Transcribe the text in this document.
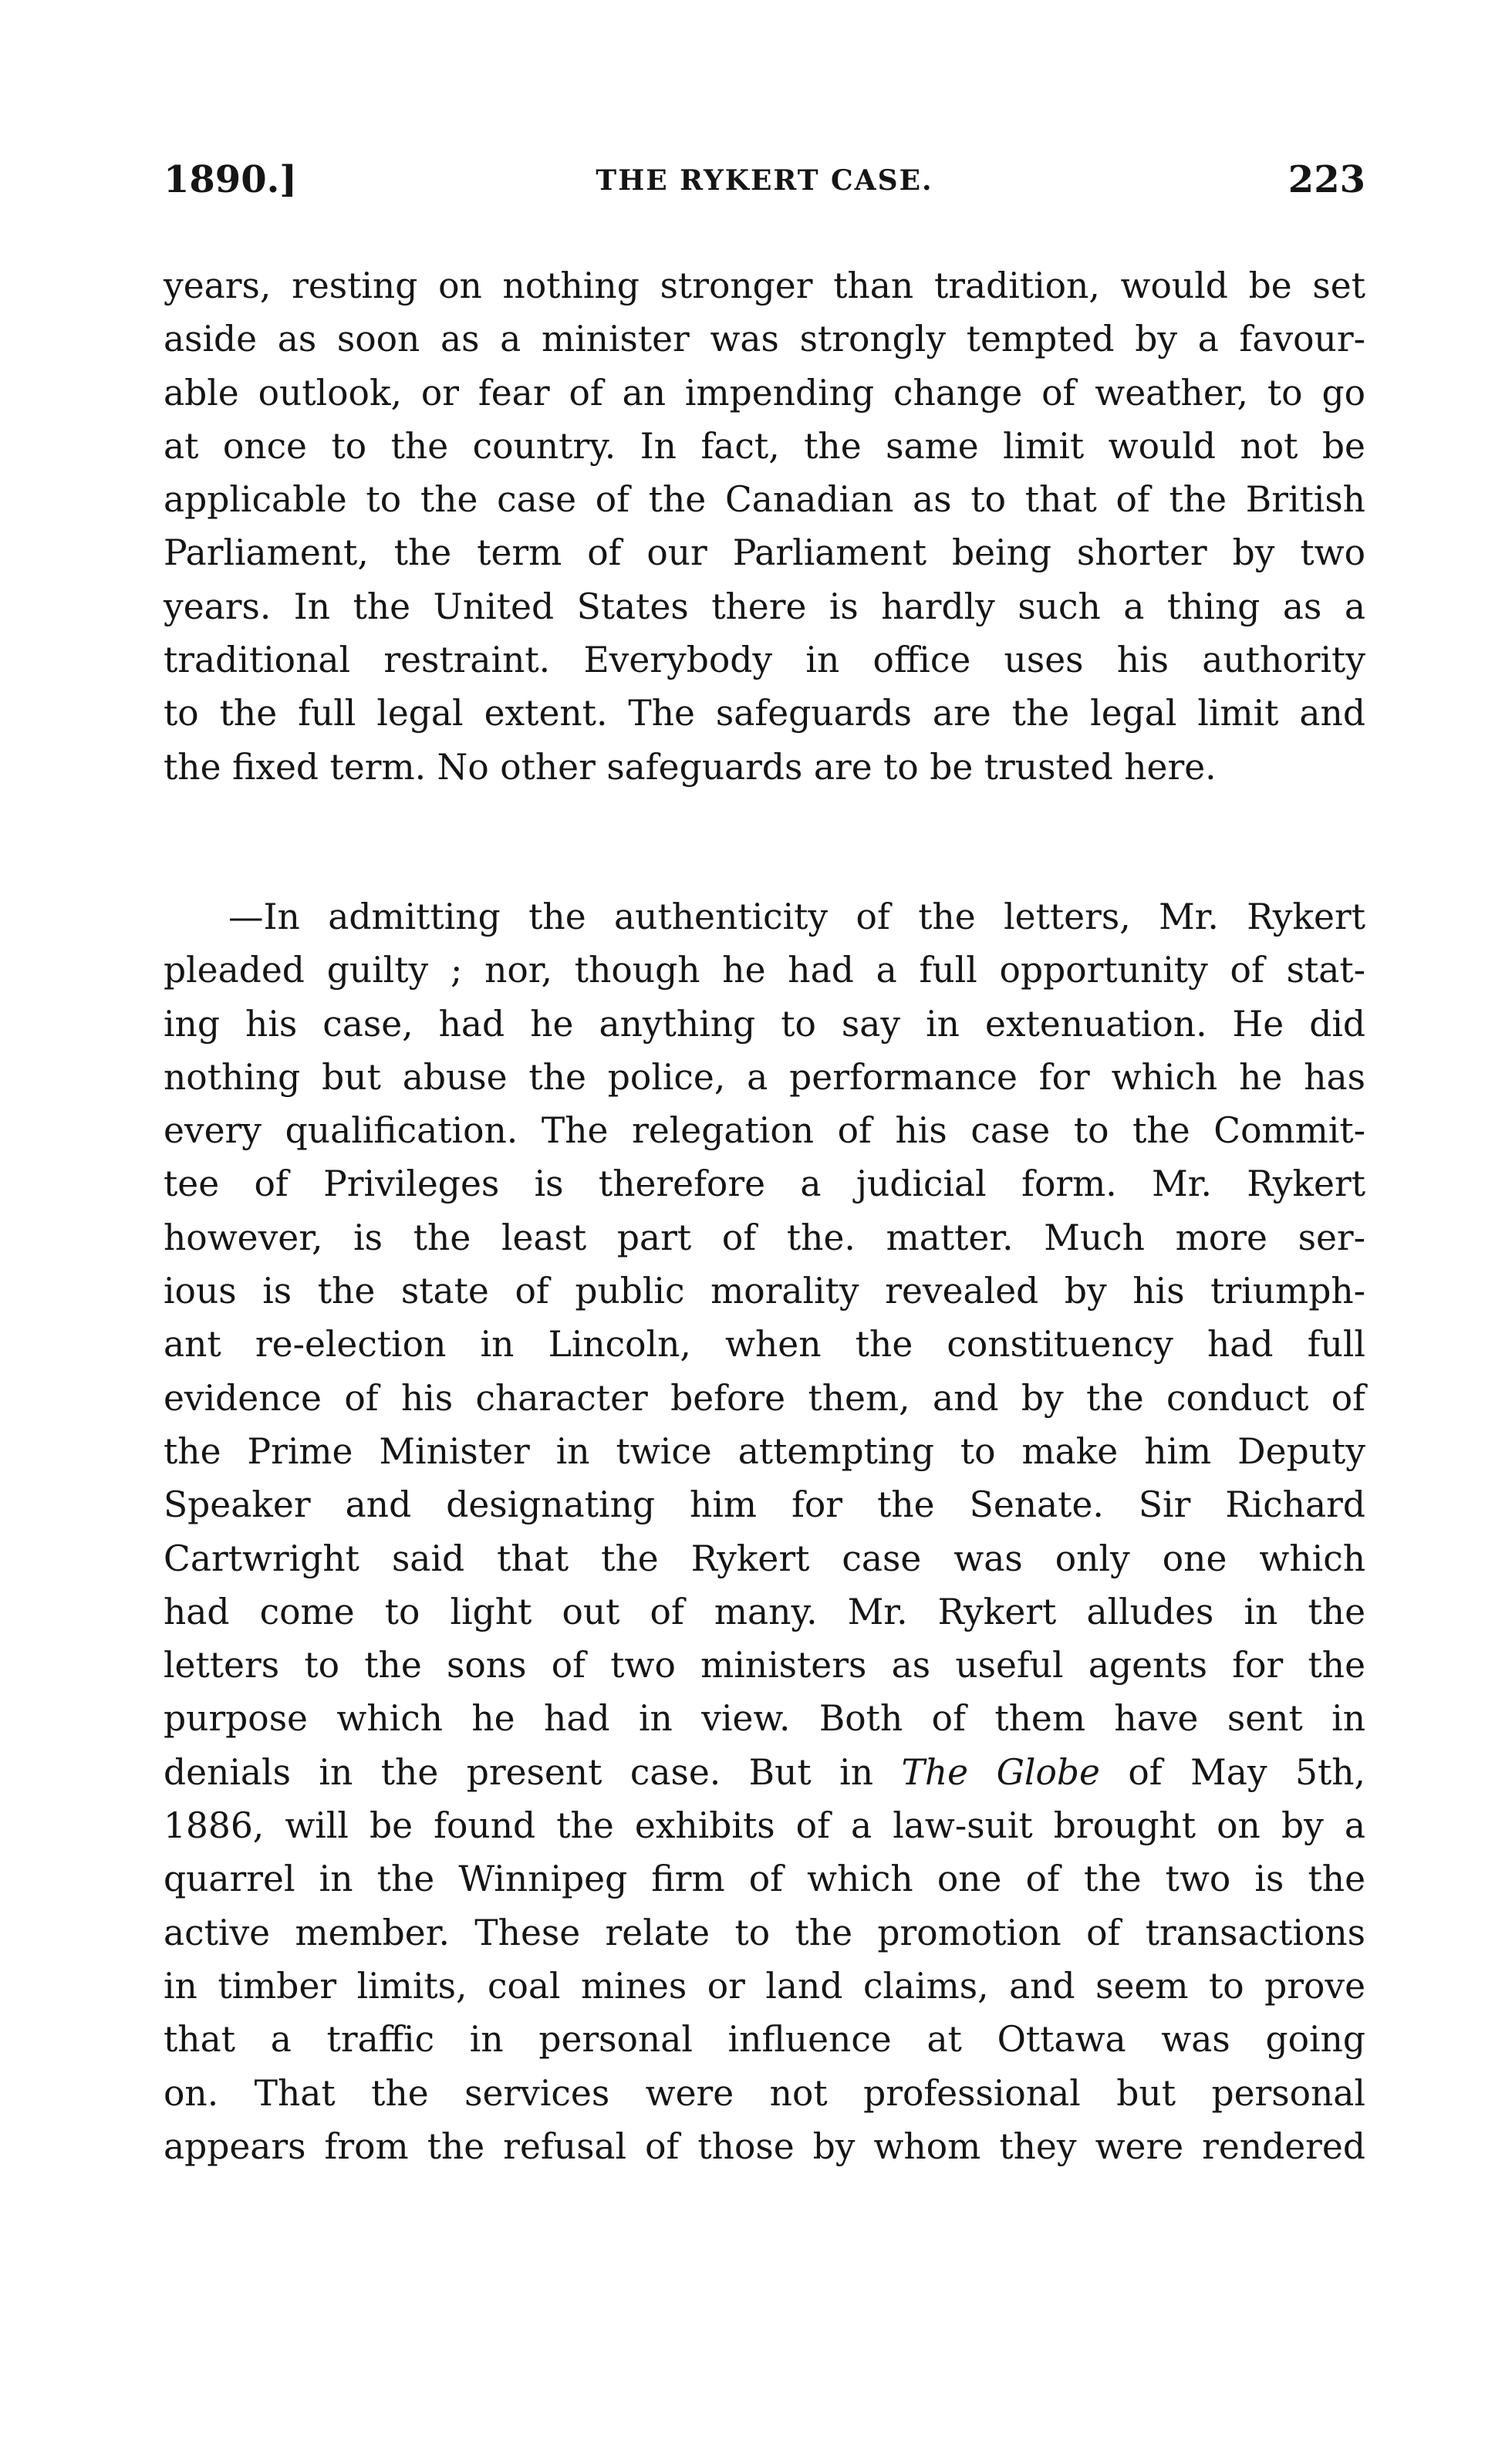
1890.]	THE RYKERT CASE.	223
years, resting on nothing stronger than tradition, would be set
aside as soon as a minister was strongly tempted by a favour-
able outlook, or fear of an impending change of weather, to go
at once to the country. In fact, the same limit would not be
applicable to the case of the Canadian as to that of the British
Parliament, the term of our Parliament being shorter by two
years. In the United States there is hardly such a thing as a
traditional restraint. Everybody in office uses his authority
to the full legal extent. The safeguards are the legal limit and
the fixed term. No other safeguards are to be trusted here.
—In admitting the authenticity of the letters, Mr. Rykert
pleaded guilty ; nor, though he had a full opportunity of stat-
ing his case, had he anything to say in extenuation. He did
nothing but abuse the police, a performance for which he has
every qualification. The relegation of his case to the Commit-
tee of Privileges is therefore a judicial form. Mr. Rykert
however, is the least part of the. matter. Much more ser-
ious is the state of public morality revealed by his triumph-
ant re-election in Lincoln, when the constituency had full
evidence of his character before them, and by the conduct of
the Prime Minister in twice attempting to make him Deputy
Speaker and designating him for the Senate. Sir Richard
Cartwright said that the Rykert case was only one which
had come to light out of many. Mr. Rykert alludes in the
letters to the sons of two ministers as useful agents for the
purpose which he had in view. Both of them have sent in
denials in the present case. But in The Globe of May 5th,
1886, will be found the exhibits of a law-suit brought on by a
quarrel in the Winnipeg firm of which one of the two is the
active member. These relate to the promotion of transactions
in timber limits, coal mines or land claims, and seem to prove
that a traffic in personal influence at Ottawa was going
on. That the services were not professional but personal
appears from the refusal of those by whom they were rendered
